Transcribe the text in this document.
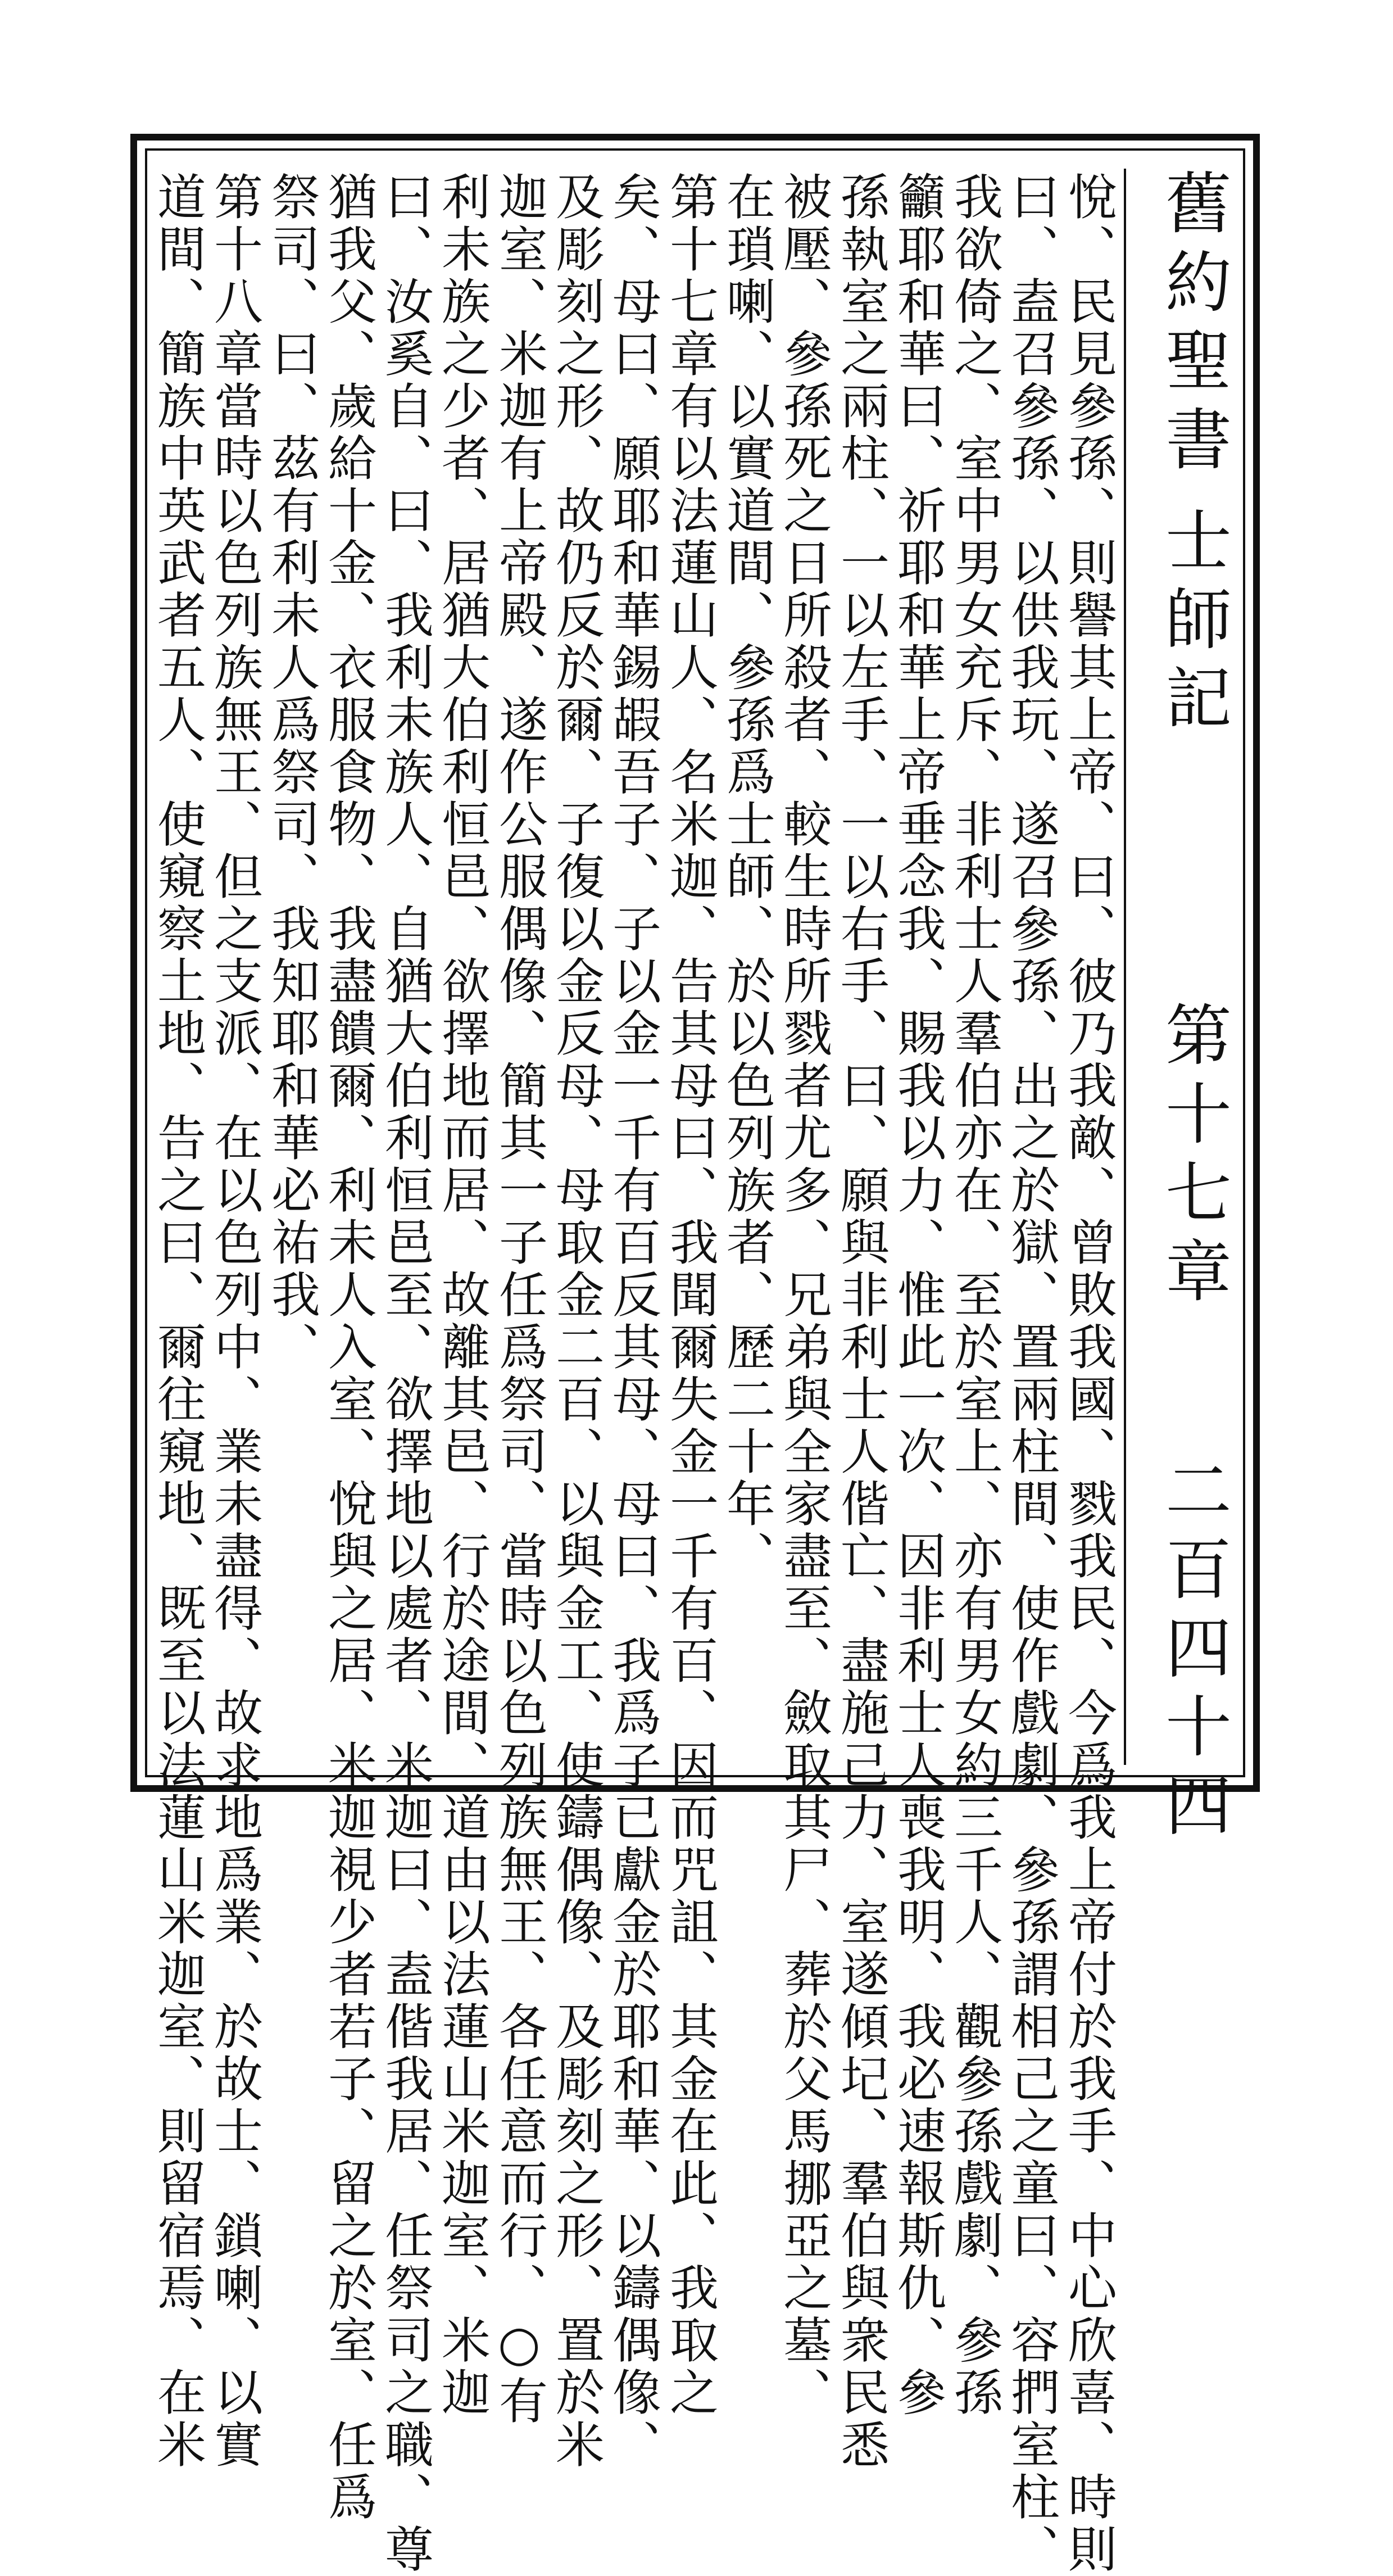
舊約聖書
士師記
第十七章
二百四十四
悅、民見參孫、則譽其上帝、曰、彼乃我敵、曾敗我國、戮我民、今爲我上帝付於我手、中心欣喜、時則
曰、盍召參孫、以供我玩、遂召參孫、出之於獄、置兩柱間、使作戲劇、參孫謂相己之童曰、容捫室柱、
我欲倚之、室中男女充斥、非利士人羣伯亦在、至於室上、亦有男女約三千人、觀參孫戲劇、參孫
籲耶和華曰、祈耶和華上帝垂念我、賜我以力、惟此一次、因非利士人喪我明、我必速報斯仇、參
孫執室之兩柱、一以左手、一以右手、曰、願與非利士人偕亡、盡施己力、室遂傾圮、羣伯與衆民悉
被壓、參孫死之日所殺者、較生時所戮者尤多、兄弟與全家盡至、斂取其尸、葬於父馬挪亞之墓、
在瑣喇、以實道間、參孫爲士師、於以色列族者、歷二十年、
第十七章有以法蓮山人、名米迦、告其母曰、我聞爾失金一千有百、因而咒詛、其金在此、我取之
矣、母曰、願耶和華錫嘏吾子、子以金一千有百反其母、母曰、我爲子已獻金於耶和華、以鑄偶像、
及彫刻之形、故仍反於爾、子復以金反母、母取金二百、以與金工、使鑄偶像、及彫刻之形、置於米
迦室、米迦有上帝殿、遂作公服偶像、簡其一子任爲祭司、當時以色列族無王、各任意而行、○有
利未族之少者、居猶大伯利恒邑、欲擇地而居、故離其邑、行於途間、道由以法蓮山米迦室、米迦
曰、汝奚自、曰、我利未族人、自猶大伯利恒邑至、欲擇地以處者、米迦曰、盍偕我居、任祭司之職、尊
猶我父、歲給十金、衣服食物、我盡饋爾、利未人入室、悅與之居、米迦視少者若子、留之於室、任爲
祭司、曰、茲有利未人爲祭司、我知耶和華必祐我、
第十八章當時以色列族無王、但之支派、在以色列中、業未盡得、故求地爲業、於故士、鎖喇、以實
道間、簡族中英武者五人、使窺察土地、告之曰、爾往窺地、既至以法蓮山米迦室、則留宿焉、在米
